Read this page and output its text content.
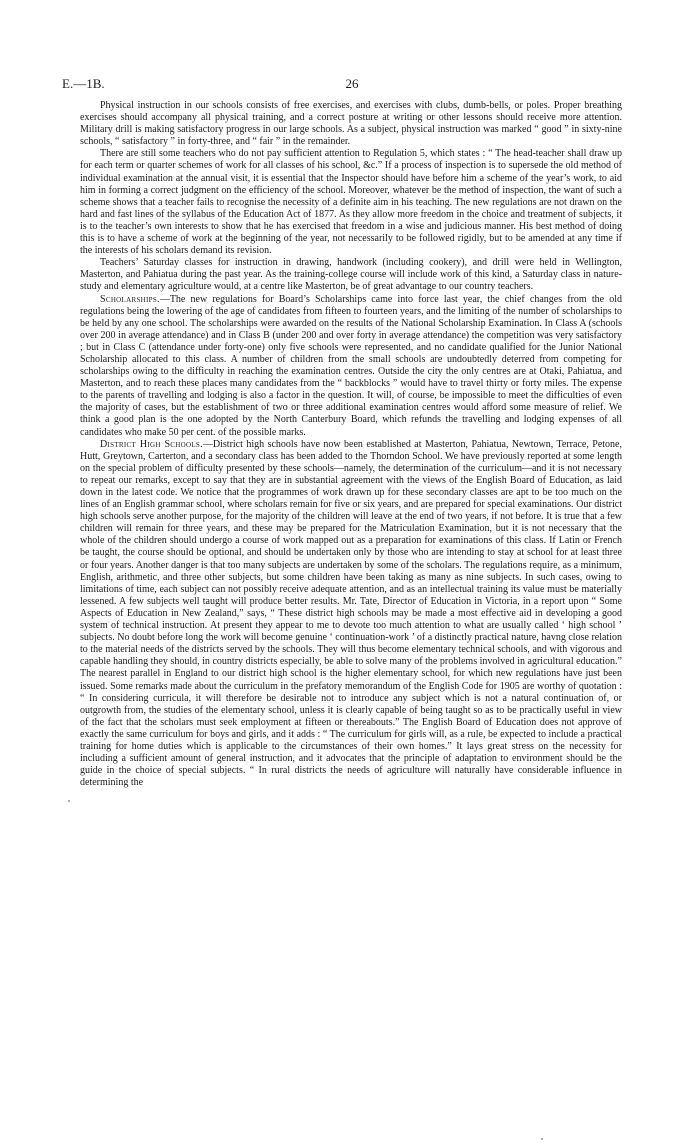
E.—1B.	26

Physical instruction in our schools consists of free exercises, and exercises with clubs, dumb-bells, or poles. Proper breathing exercises should accompany all physical training, and a correct posture at writing or other lessons should receive more attention. Military drill is making satisfactory progress in our large schools. As a subject, physical instruction was marked “ good ” in sixty-nine schools, “ satisfactory ” in forty-three, and “ fair ” in the remainder.

There are still some teachers who do not pay sufficient attention to Regulation 5, which states : “ The head-teacher shall draw up for each term or quarter schemes of work for all classes of his school, &c.” If a process of inspection is to supersede the old method of individual examination at the annual visit, it is essential that the Inspector should have before him a scheme of the year’s work, to aid him in forming a correct judgment on the efficiency of the school. Moreover, whatever be the method of inspection, the want of such a scheme shows that a teacher fails to recognise the necessity of a definite aim in his teaching. The new regulations are not drawn on the hard and fast lines of the syllabus of the Education Act of 1877. As they allow more freedom in the choice and treatment of subjects, it is to the teacher’s own interests to show that he has exercised that freedom in a wise and judicious manner. His best method of doing this is to have a scheme of work at the beginning of the year, not necessarily to be followed rigidly, but to be amended at any time if the interests of his scholars demand its revision.

Teachers’ Saturday classes for instruction in drawing, handwork (including cookery), and drill were held in Wellington, Masterton, and Pahiatua during the past year. As the training-college course will include work of this kind, a Saturday class in nature-study and elementary agriculture would, at a centre like Masterton, be of great advantage to our country teachers.

Scholarships.—The new regulations for Board’s Scholarships came into force last year, the chief changes from the old regulations being the lowering of the age of candidates from fifteen to fourteen years, and the limiting of the number of scholarships to be held by any one school. The scholarships were awarded on the results of the National Scholarship Examination. In Class A (schools over 200 in average attendance) and in Class B (under 200 and over forty in average attendance) the competition was very satisfactory ; but in Class C (attendance under forty-one) only five schools were represented, and no candidate qualified for the Junior National Scholarship allocated to this class. A number of children from the small schools are undoubtedly deterred from competing for scholarships owing to the difficulty in reaching the examination centres. Outside the city the only centres are at Otaki, Pahiatua, and Masterton, and to reach these places many candidates from the “ backblocks ” would have to travel thirty or forty miles. The expense to the parents of travelling and lodging is also a factor in the question. It will, of course, be impossible to meet the difficulties of even the majority of cases, but the establishment of two or three additional examination centres would afford some measure of relief. We think a good plan is the one adopted by the North Canterbury Board, which refunds the travelling and lodging expenses of all candidates who make 50 per cent. of the possible marks.

District High Schools.—District high schools have now been established at Masterton, Pahiatua, Newtown, Terrace, Petone, Hutt, Greytown, Carterton, and a secondary class has been added to the Thorndon School. We have previously reported at some length on the special problem of difficulty presented by these schools—namely, the determination of the curriculum—and it is not necessary to repeat our remarks, except to say that they are in substantial agreement with the views of the English Board of Education, as laid down in the latest code. We notice that the programmes of work drawn up for these secondary classes are apt to be too much on the lines of an English grammar school, where scholars remain for five or six years, and are prepared for special examinations. Our district high schools serve another purpose, for the majority of the children will leave at the end of two years, if not before. It is true that a few children will remain for three years, and these may be prepared for the Matriculation Examination, but it is not necessary that the whole of the children should undergo a course of work mapped out as a preparation for examinations of this class. If Latin or French be taught, the course should be optional, and should be undertaken only by those who are intending to stay at school for at least three or four years. Another danger is that too many subjects are undertaken by some of the scholars. The regulations require, as a minimum, English, arithmetic, and three other subjects, but some children have been taking as many as nine subjects. In such cases, owing to limitations of time, each subject can not possibly receive adequate attention, and as an intellectual training its value must be materially lessened. A few subjects well taught will produce better results. Mr. Tate, Director of Education in Victoria, in a report upon “ Some Aspects of Education in New Zealand,” says, “ These district high schools may be made a most effective aid in developing a good system of technical instruction. At present they appear to me to devote too much attention to what are usually called ‘ high school ’ subjects. No doubt before long the work will become genuine ‘ continuation-work ’ of a distinctly practical nature, havng close relation to the material needs of the districts served by the schools. They will thus become elementary technical schools, and with vigorous and capable handling they should, in country districts especially, be able to solve many of the problems involved in agricultural education.” The nearest parallel in England to our district high school is the higher elementary school, for which new regulations have just been issued. Some remarks made about the curriculum in the prefatory memorandum of the English Code for 1905 are worthy of quotation : “ In considering curricula, it will therefore be desirable not to introduce any subject which is not a natural continuation of, or outgrowth from, the studies of the elementary school, unless it is clearly capable of being taught so as to be practically useful in view of the fact that the scholars must seek employment at fifteen or thereabouts.” The English Board of Education does not approve of exactly the same curriculum for boys and girls, and it adds : “ The curriculum for girls will, as a rule, be expected to include a practical training for home duties which is applicable to the circumstances of their own homes.” It lays great stress on the necessity for including a sufficient amount of general instruction, and it advocates that the principle of adaptation to environment should be the guide in the choice of special subjects. “ In rural districts the needs of agriculture will naturally have considerable influence in determining the
